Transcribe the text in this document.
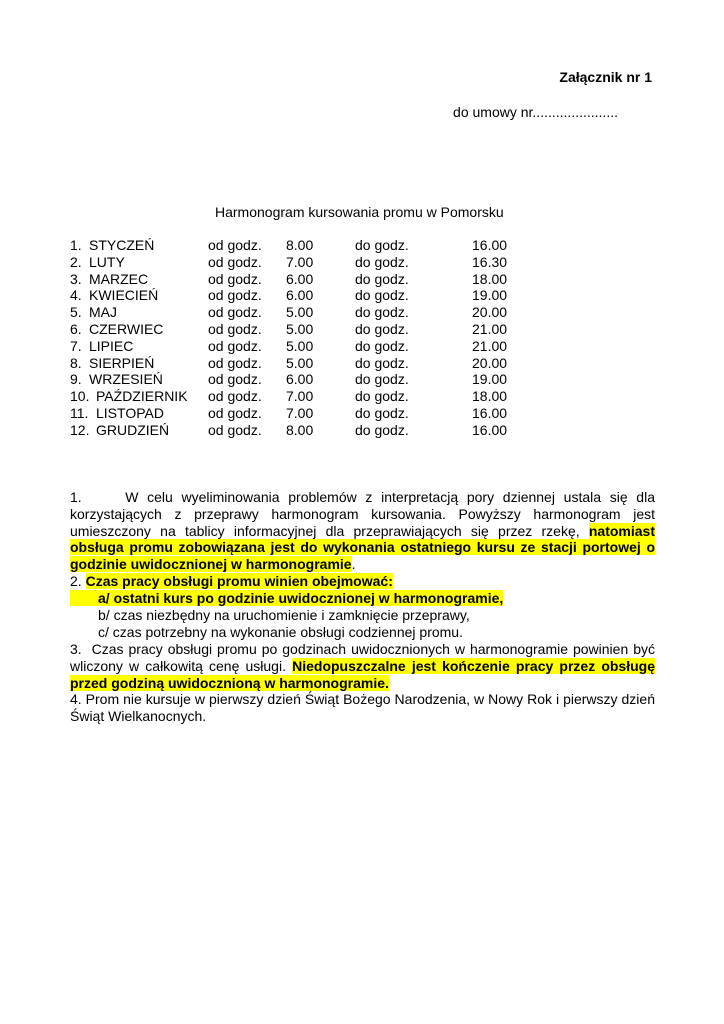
Załącznik nr 1
do umowy nr......................
Harmonogram kursowania promu w Pomorsku
1. STYCZEŃ	od godz. 8.00	do godz.	16.00
2. LUTY	od godz. 7.00	do godz.	16.30
3. MARZEC	od godz. 6.00	do godz.	18.00
4. KWIECIEŃ	od godz. 6.00	do godz.	19.00
5. MAJ	od godz. 5.00	do godz.	20.00
6. CZERWIEC	od godz. 5.00	do godz.	21.00
7. LIPIEC	od godz. 5.00	do godz.	21.00
8. SIERPIEŃ	od godz. 5.00	do godz.	20.00
9. WRZESIEŃ	od godz. 6.00	do godz.	19.00
10. PAŹDZIERNIK od godz. 7.00	do godz.	18.00
11. LISTOPAD	od godz. 7.00	do godz.	16.00
12. GRUDZIEŃ	od godz. 8.00	do godz.	16.00
1.	W celu wyeliminowania problemów z interpretacją pory dziennej ustala się dla korzystających z przeprawy harmonogram kursowania. Powyższy harmonogram jest umieszczony na tablicy informacyjnej dla przeprawiających się przez rzekę, natomiast obsługa promu zobowiązana jest do wykonania ostatniego kursu ze stacji portowej o godzinie uwidocznionej w harmonogramie.
2. Czas pracy obsługi promu winien obejmować:
a/ ostatni kurs po godzinie uwidocznionej w harmonogramie,
b/ czas niezbędny na uruchomienie i zamknięcie przeprawy,
c/ czas potrzebny na wykonanie obsługi codziennej promu.
3. Czas pracy obsługi promu po godzinach uwidocznionych w harmonogramie powinien być wliczony w całkowitą cenę usługi. Niedopuszczalne jest kończenie pracy przez obsługę przed godziną uwidocznioną w harmonogramie.
4. Prom nie kursuje w pierwszy dzień Świąt Bożego Narodzenia, w Nowy Rok i pierwszy dzień Świąt Wielkanocnych.
